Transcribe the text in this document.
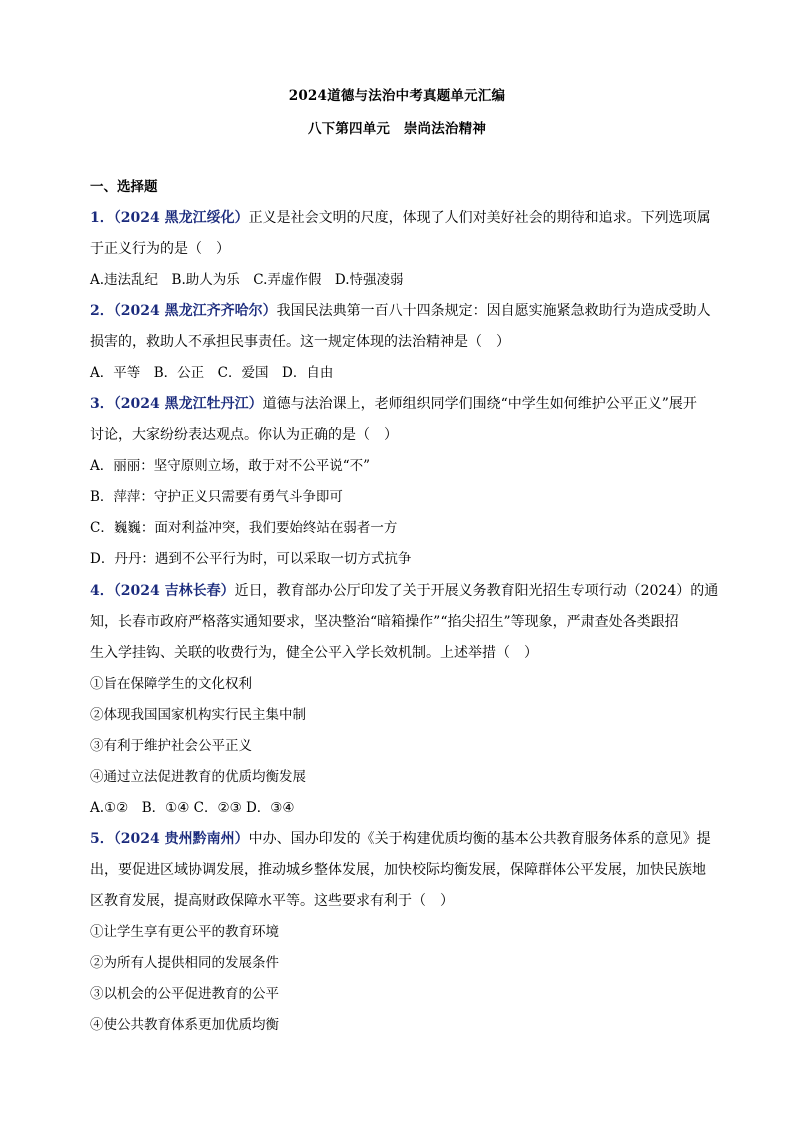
2024道德与法治中考真题单元汇编
八下第四单元　崇尚法治精神
一、选择题
1．（2024 黑龙江绥化）正义是社会文明的尺度，体现了人们对美好社会的期待和追求。下列选项属
于正义行为的是（　）
A.违法乱纪　B.助人为乐　C.弄虚作假　D.恃强凌弱
2．（2024 黑龙江齐齐哈尔）我国民法典第一百八十四条规定：因自愿实施紧急救助行为造成受助人
损害的，救助人不承担民事责任。这一规定体现的法治精神是（　）
A．平等　B．公正　C．爱国　D．自由
3．（2024 黑龙江牡丹江）道德与法治课上，老师组织同学们围绕“中学生如何维护公平正义”展开
讨论，大家纷纷表达观点。你认为正确的是（　）
A．丽丽：坚守原则立场，敢于对不公平说“不”
B．萍萍：守护正义只需要有勇气斗争即可
C．巍巍：面对利益冲突，我们要始终站在弱者一方
D．丹丹：遇到不公平行为时，可以采取一切方式抗争
4．（2024 吉林长春）近日，教育部办公厅印发了关于开展义务教育阳光招生专项行动（2024）的通
知，长春市政府严格落实通知要求，坚决整治“暗箱操作”“掐尖招生”等现象，严肃查处各类跟招
生入学挂钩、关联的收费行为，健全公平入学长效机制。上述举措（　）
①旨在保障学生的文化权利
②体现我国国家机构实行民主集中制
③有利于维护社会公平正义
④通过立法促进教育的优质均衡发展
A.①②　B．①④ C．②③ D．③④
5．（2024 贵州黔南州）中办、国办印发的《关于构建优质均衡的基本公共教育服务体系的意见》提
出，要促进区域协调发展，推动城乡整体发展，加快校际均衡发展，保障群体公平发展，加快民族地
区教育发展，提高财政保障水平等。这些要求有利于（　）
①让学生享有更公平的教育环境
②为所有人提供相同的发展条件
③以机会的公平促进教育的公平
④使公共教育体系更加优质均衡
